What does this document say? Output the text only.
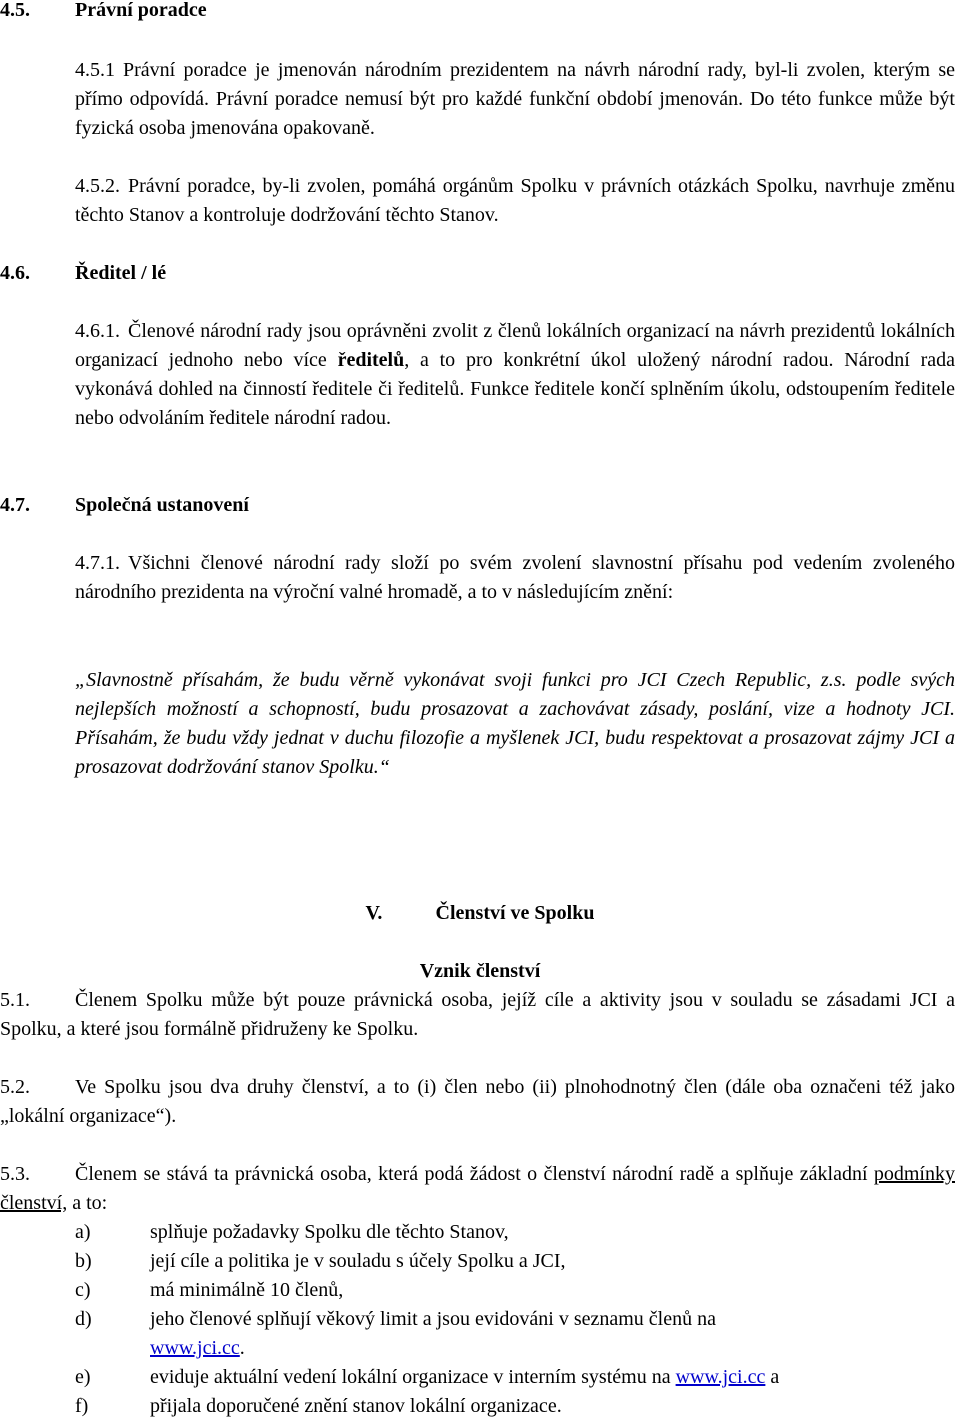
4.5. Právní poradce
4.5.1 Právní poradce je jmenován národním prezidentem na návrh národní rady, byl-li zvolen, kterým se přímo odpovídá. Právní poradce nemusí být pro každé funkční období jmenován. Do této funkce může být fyzická osoba jmenována opakovaně.
4.5.2. Právní poradce, by-li zvolen, pomáhá orgánům Spolku v právních otázkách Spolku, navrhuje změnu těchto Stanov a kontroluje dodržování těchto Stanov.
4.6. Ředitel / lé
4.6.1. Členové národní rady jsou oprávněni zvolit z členů lokálních organizací na návrh prezidentů lokálních organizací jednoho nebo více ředitelů, a to pro konkrétní úkol uložený národní radou. Národní rada vykonává dohled na činností ředitele či ředitelů. Funkce ředitele končí splněním úkolu, odstoupením ředitele nebo odvoláním ředitele národní radou.
4.7. Společná ustanovení
4.7.1. Všichni členové národní rady složí po svém zvolení slavnostní přísahu pod vedením zvoleného národního prezidenta na výroční valné hromadě, a to v následujícím znění:
„Slavnostně přísahám, že budu věrně vykonávat svoji funkci pro JCI Czech Republic, z.s. podle svých nejlepších možností a schopností, budu prosazovat a zachovávat zásady, poslání, vize a hodnoty JCI. Přísahám, že budu vždy jednat v duchu filozofie a myšlenek JCI, budu respektovat a prosazovat zájmy JCI a prosazovat dodržování stanov Spolku.“
V.	Členství ve Spolku
Vznik členství
5.1. Členem Spolku může být pouze právnická osoba, jejíž cíle a aktivity jsou v souladu se zásadami JCI a Spolku, a které jsou formálně přidruženy ke Spolku.
5.2. Ve Spolku jsou dva druhy členství, a to (i) člen nebo (ii) plnohodnotný člen (dále oba označeni též jako „lokální organizace“).
5.3. Členem se stává ta právnická osoba, která podá žádost o členství národní radě a splňuje základní podmínky členství, a to:
a)	splňuje požadavky Spolku dle těchto Stanov,
b)	její cíle a politika je v souladu s účely Spolku a JCI,
c)	má minimálně 10 členů,
d)	jeho členové splňují věkový limit a jsou evidováni v seznamu členů na
www.jci.cc.
e)	eviduje aktuální vedení lokální organizace v interním systému na www.jci.cc a
f)	přijala doporučené znění stanov lokální organizace.
